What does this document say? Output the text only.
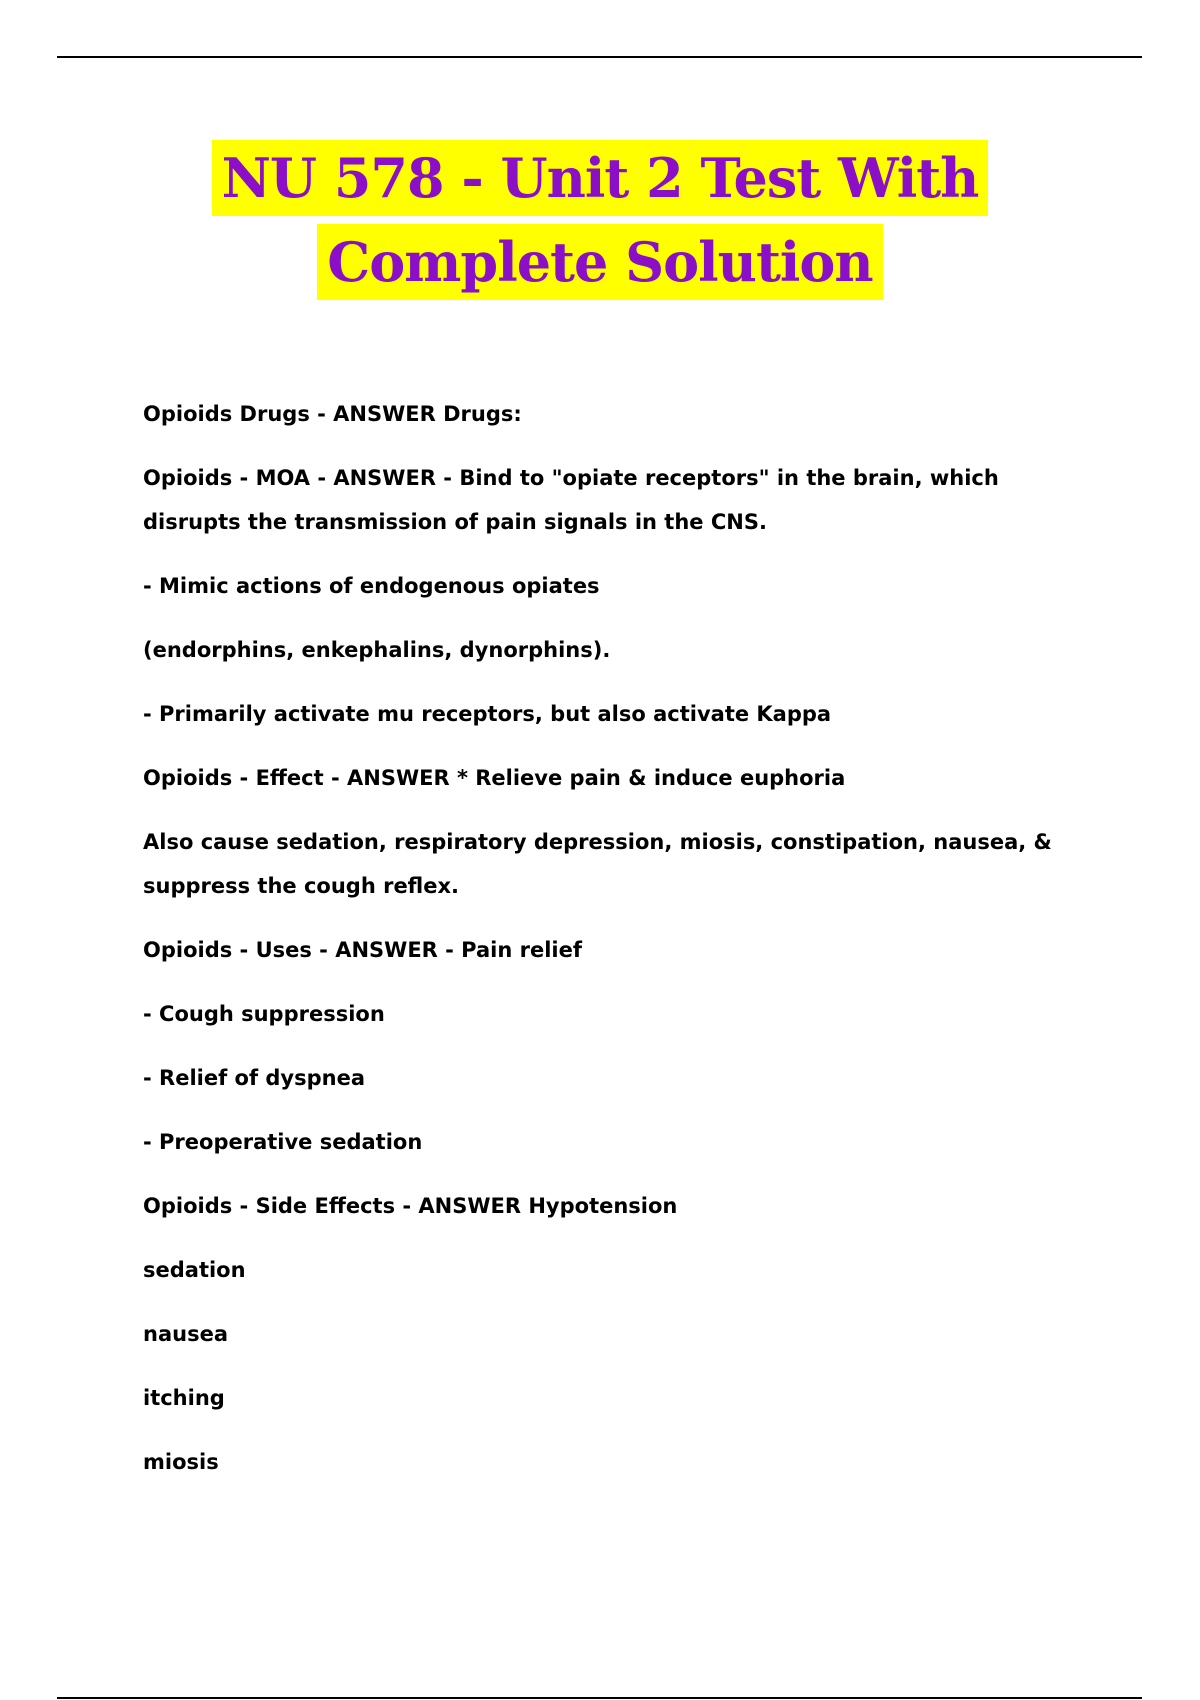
NU 578 - Unit 2 Test With
Complete Solution

Opioids Drugs - ANSWER Drugs:

Opioids - MOA - ANSWER - Bind to "opiate receptors" in the brain, which disrupts the transmission of pain signals in the CNS.

- Mimic actions of endogenous opiates

(endorphins, enkephalins, dynorphins).

- Primarily activate mu receptors, but also activate Kappa

Opioids - Effect - ANSWER * Relieve pain & induce euphoria

Also cause sedation, respiratory depression, miosis, constipation, nausea, & suppress the cough reflex.

Opioids - Uses - ANSWER - Pain relief

- Cough suppression

- Relief of dyspnea

- Preoperative sedation

Opioids - Side Effects - ANSWER Hypotension

sedation

nausea

itching

miosis
